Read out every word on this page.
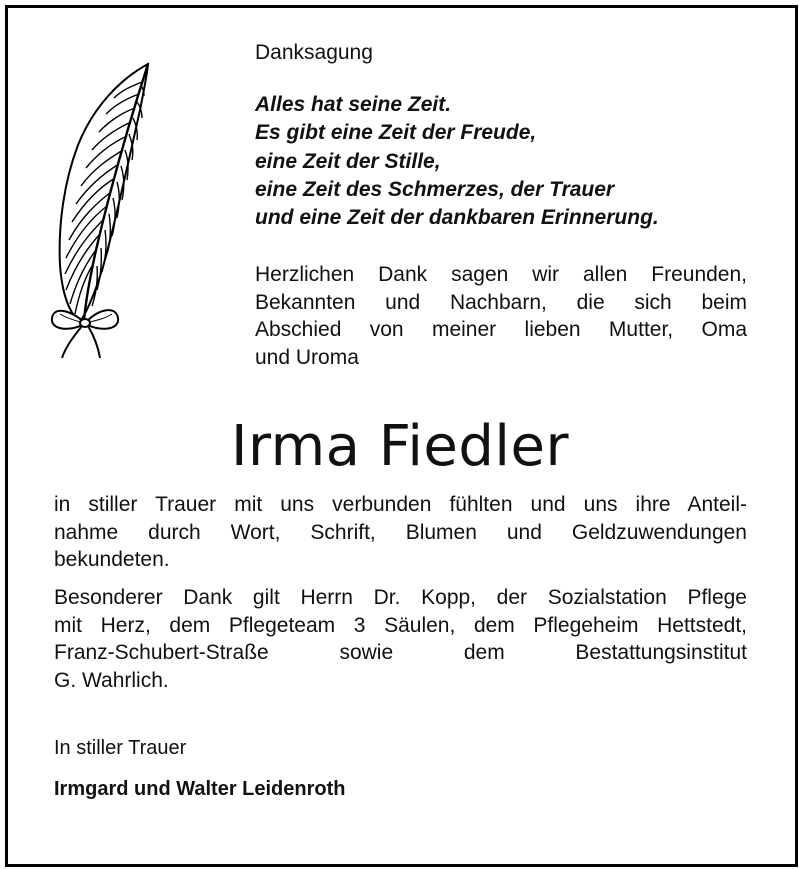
Danksagung
Alles hat seine Zeit.
Es gibt eine Zeit der Freude,
eine Zeit der Stille,
eine Zeit des Schmerzes, der Trauer
und eine Zeit der dankbaren Erinnerung.
Herzlichen Dank sagen wir allen Freunden,
Bekannten und Nachbarn, die sich beim
Abschied von meiner lieben Mutter, Oma
und Uroma
Irma Fiedler
in stiller Trauer mit uns verbunden fühlten und uns ihre Anteil-
nahme durch Wort, Schrift, Blumen und Geldzuwendungen
bekundeten.
Besonderer Dank gilt Herrn Dr. Kopp, der Sozialstation Pflege
mit Herz, dem Pflegeteam 3 Säulen, dem Pflegeheim Hettstedt,
Franz-Schubert-Straße sowie dem Bestattungsinstitut
G. Wahrlich.
In stiller Trauer
Irmgard und Walter Leidenroth
